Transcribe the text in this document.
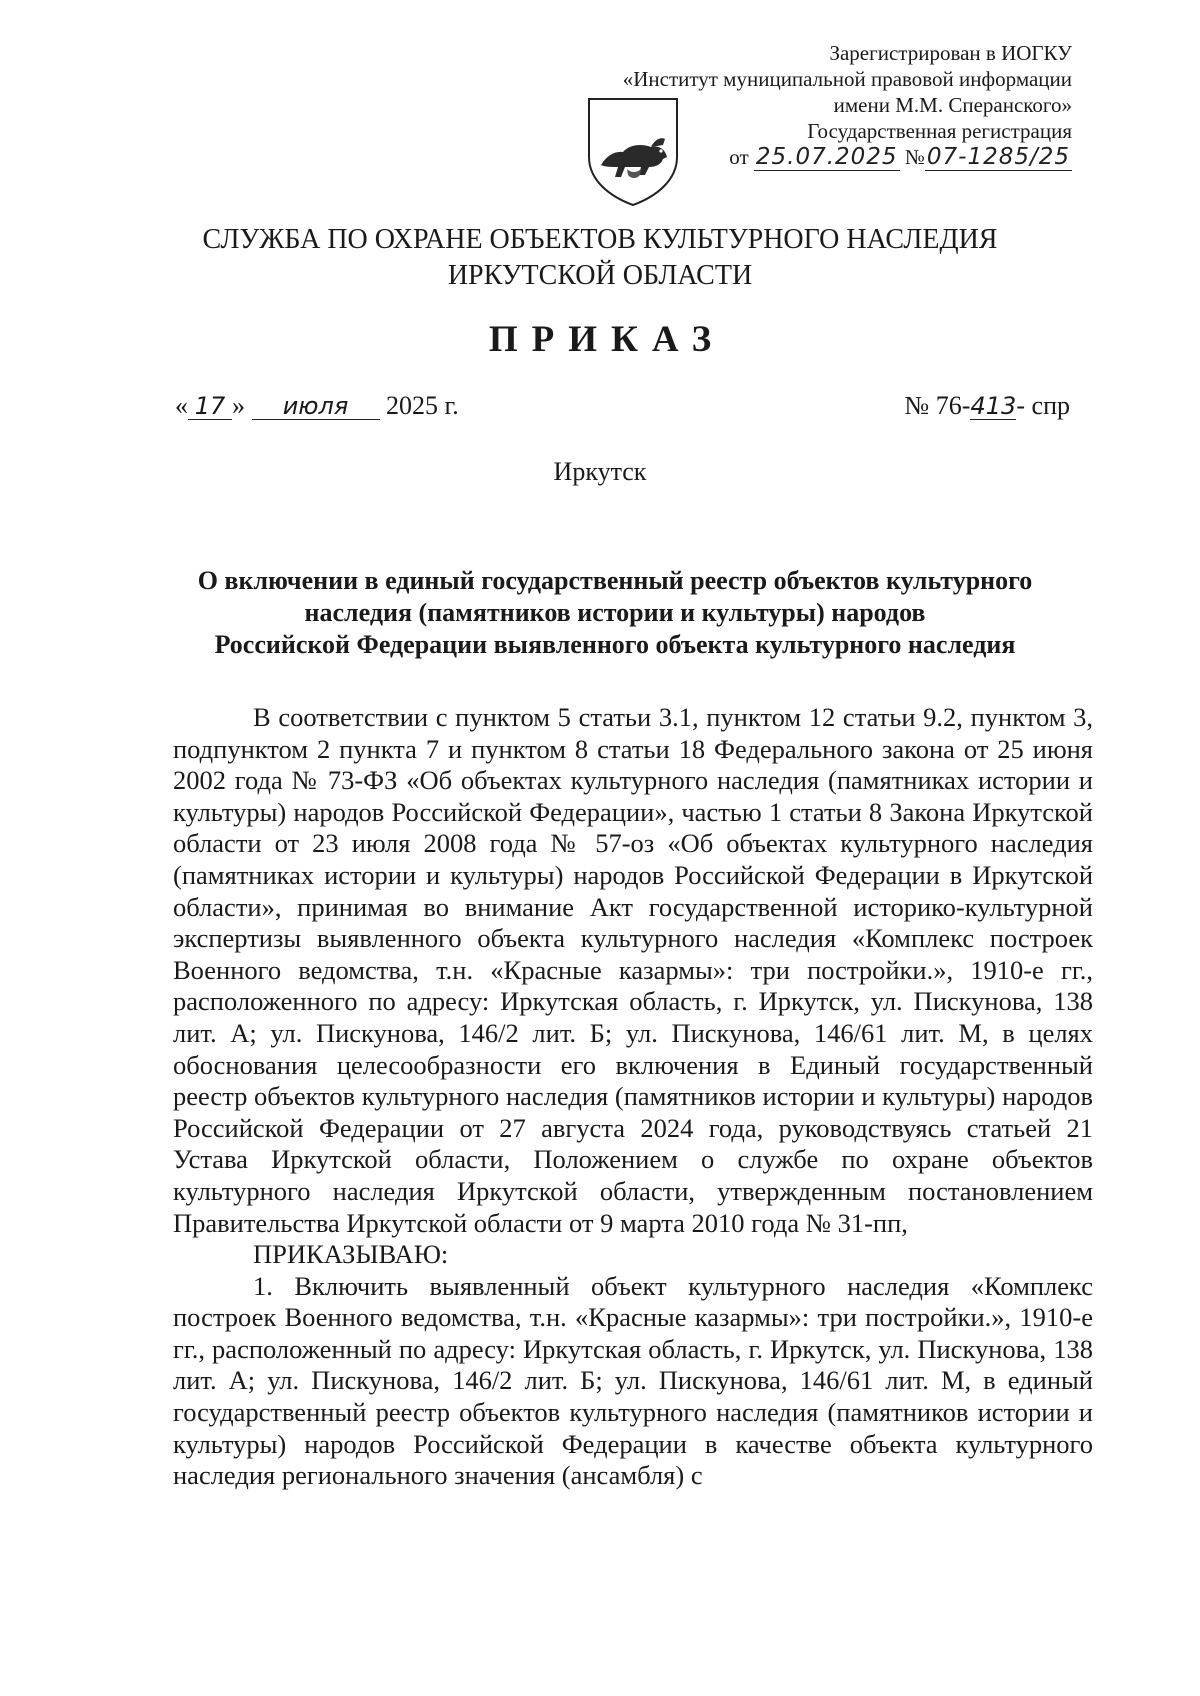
Зарегистрирован в ИОГКУ
«Институт муниципальной правовой информации
имени М.М. Сперанского»
Государственная регистрация
от 25.07.2025 №07-1285/25
СЛУЖБА ПО ОХРАНЕ ОБЪЕКТОВ КУЛЬТУРНОГО НАСЛЕДИЯ
ИРКУТСКОЙ ОБЛАСТИ
ПРИКАЗ
« 17 » июля 2025 г.	№ 76-413- спр
Иркутск
О включении в единый государственный реестр объектов культурного
наследия (памятников истории и культуры) народов
Российской Федерации выявленного объекта культурного наследия

В соответствии с пунктом 5 статьи 3.1, пунктом 12 статьи 9.2, пунктом 3, подпунктом 2 пункта 7 и пунктом 8 статьи 18 Федерального закона от 25 июня 2002 года № 73-ФЗ «Об объектах культурного наследия (памятниках истории и культуры) народов Российской Федерации», частью 1 статьи 8 Закона Иркутской области от 23 июля 2008 года № 57-оз «Об объектах культурного наследия (памятниках истории и культуры) народов Российской Федерации в Иркутской области», принимая во внимание Акт государственной историко-культурной экспертизы выявленного объекта культурного наследия «Комплекс построек Военного ведомства, т.н. «Красные казармы»: три постройки.», 1910-е гг., расположенного по адресу: Иркутская область, г. Иркутск, ул. Пискунова, 138 лит. А; ул. Пискунова, 146/2 лит. Б; ул. Пискунова, 146/61 лит. М, в целях обоснования целесообразности его включения в Единый государственный реестр объектов культурного наследия (памятников истории и культуры) народов Российской Федерации от 27 августа 2024 года, руководствуясь статьей 21 Устава Иркутской области, Положением о службе по охране объектов культурного наследия Иркутской области, утвержденным постановлением Правительства Иркутской области от 9 марта 2010 года № 31-пп,

ПРИКАЗЫВАЮ:

1. Включить выявленный объект культурного наследия «Комплекс построек Военного ведомства, т.н. «Красные казармы»: три постройки.», 1910-е гг., расположенный по адресу: Иркутская область, г. Иркутск, ул. Пискунова, 138 лит. А; ул. Пискунова, 146/2 лит. Б; ул. Пискунова, 146/61 лит. М, в единый государственный реестр объектов культурного наследия (памятников истории и культуры) народов Российской Федерации в качестве объекта культурного наследия регионального значения (ансамбля) с
